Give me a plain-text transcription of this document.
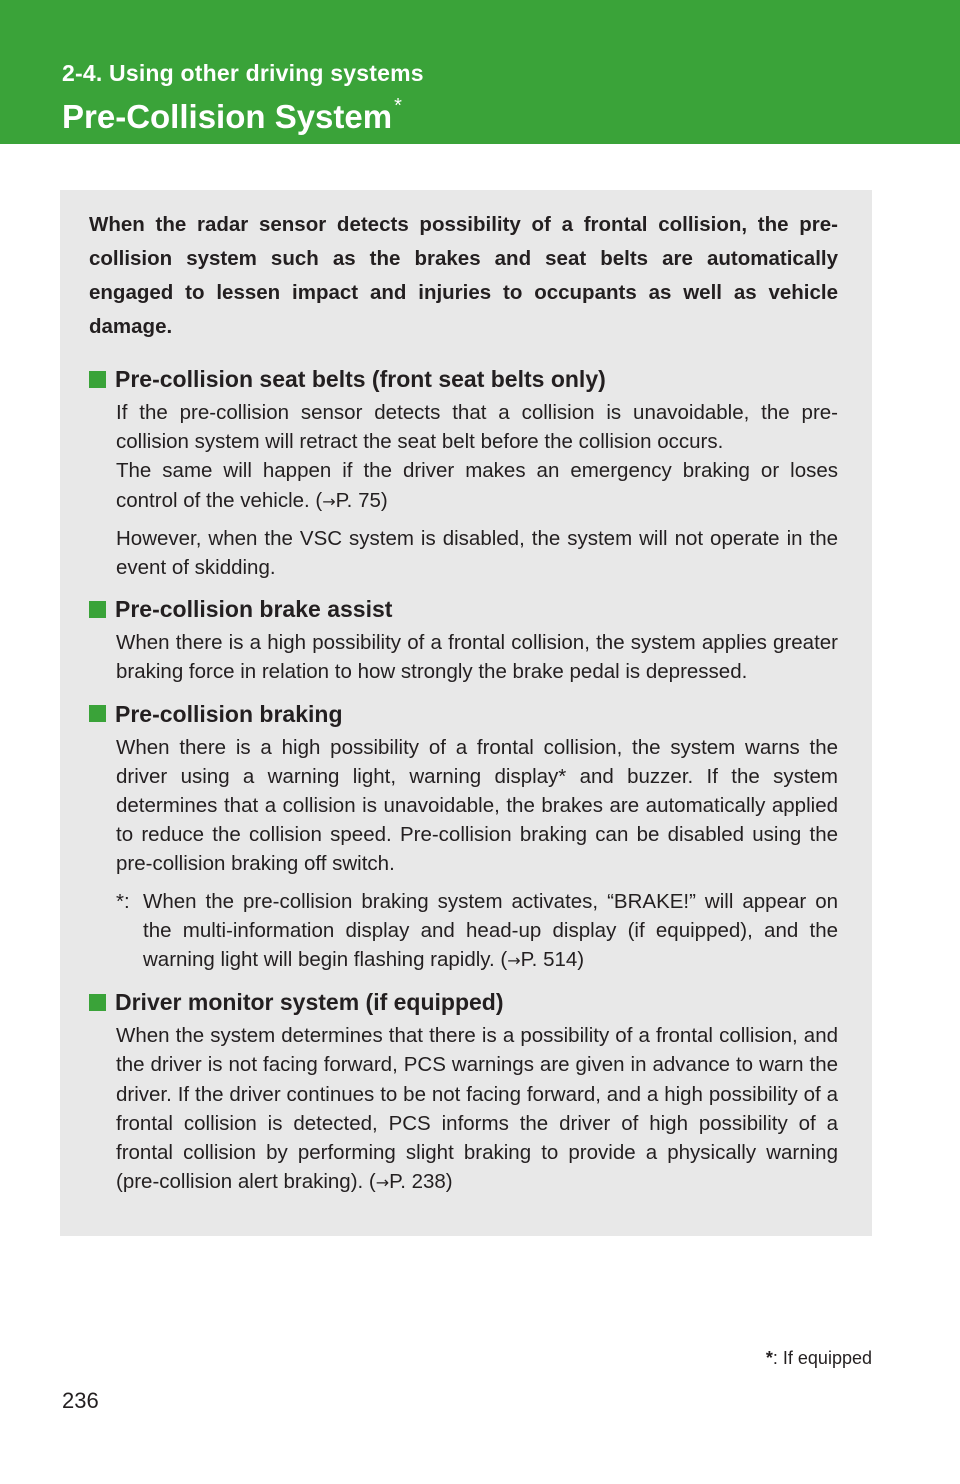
2-4. Using other driving systems

Pre-Collision System *

When the radar sensor detects possibility of a frontal collision, the pre-collision system such as the brakes and seat belts are automatically engaged to lessen impact and injuries to occupants as well as vehicle damage.

Pre-collision seat belts (front seat belts only)

If the pre-collision sensor detects that a collision is unavoidable, the pre-collision system will retract the seat belt before the collision occurs.

The same will happen if the driver makes an emergency braking or loses control of the vehicle. (→P. 75)

However, when the VSC system is disabled, the system will not operate in the event of skidding.

Pre-collision brake assist

When there is a high possibility of a frontal collision, the system applies greater braking force in relation to how strongly the brake pedal is depressed.

Pre-collision braking

When there is a high possibility of a frontal collision, the system warns the driver using a warning light, warning display* and buzzer. If the system determines that a collision is unavoidable, the brakes are automatically applied to reduce the collision speed. Pre-collision braking can be disabled using the pre-collision braking off switch.

*: When the pre-collision braking system activates, “BRAKE!” will appear on the multi-information display and head-up display (if equipped), and the warning light will begin flashing rapidly. (→P. 514)
Driver monitor system (if equipped)

When the system determines that there is a possibility of a frontal collision, and the driver is not facing forward, PCS warnings are given in advance to warn the driver. If the driver continues to be not facing forward, and a high possibility of a frontal collision is detected, PCS informs the driver of high possibility of a frontal collision by performing slight braking to provide a physically warning (pre-collision alert braking). (→P. 238)

*: If equipped

236
